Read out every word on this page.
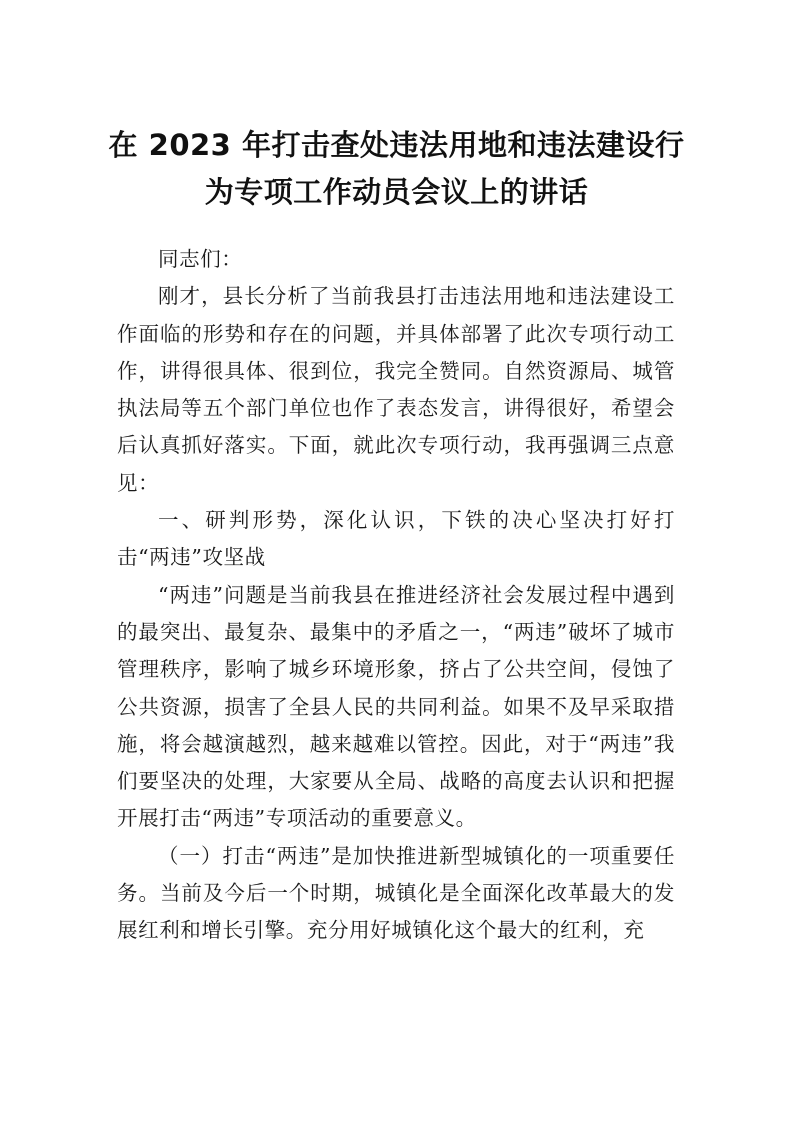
在 2023 年打击查处违法用地和违法建设行
为专项工作动员会议上的讲话

同志们：

刚才，县长分析了当前我县打击违法用地和违法建设工作面临的形势和存在的问题，并具体部署了此次专项行动工作，讲得很具体、很到位，我完全赞同。自然资源局、城管执法局等五个部门单位也作了表态发言，讲得很好，希望会后认真抓好落实。下面，就此次专项行动，我再强调三点意见：

一、研判形势，深化认识，下铁的决心坚决打好打击“两违”攻坚战

“两违”问题是当前我县在推进经济社会发展过程中遇到的最突出、最复杂、最集中的矛盾之一，“两违”破坏了城市管理秩序，影响了城乡环境形象，挤占了公共空间，侵蚀了公共资源，损害了全县人民的共同利益。如果不及早采取措施，将会越演越烈，越来越难以管控。因此，对于“两违”我们要坚决的处理，大家要从全局、战略的高度去认识和把握开展打击“两违”专项活动的重要意义。

（一）打击“两违”是加快推进新型城镇化的一项重要任务。当前及今后一个时期，城镇化是全面深化改革最大的发展红利和增长引擎。充分用好城镇化这个最大的红利，充
